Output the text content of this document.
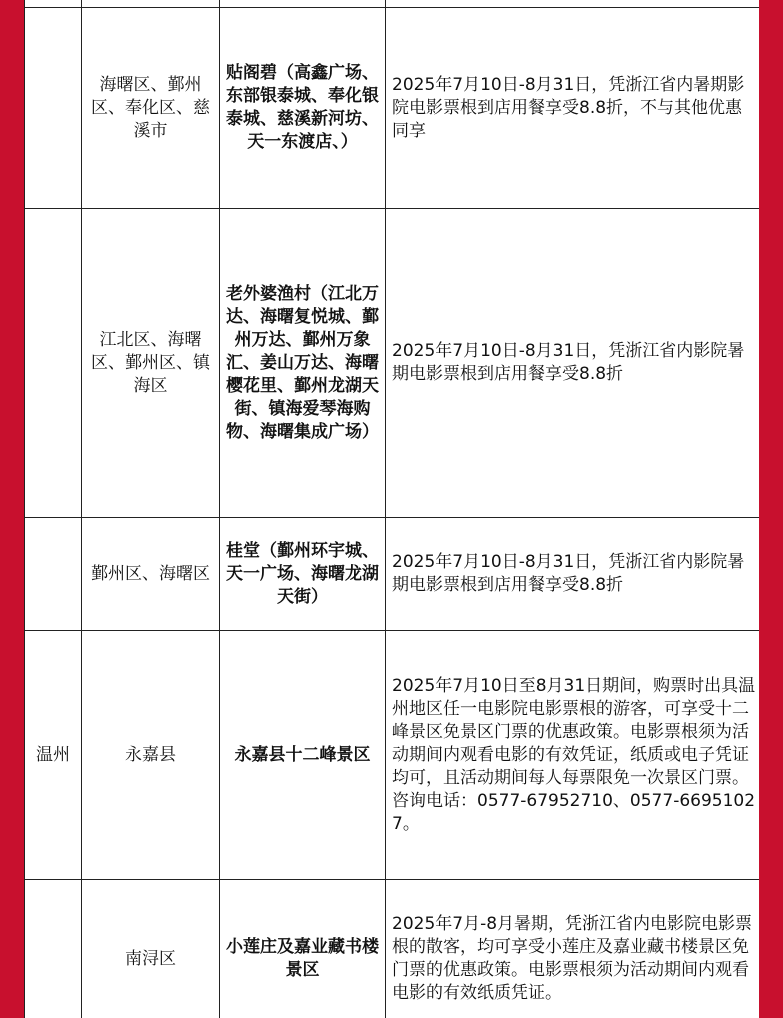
	海曙区、鄞州区、奉化区、慈溪市	贴阁碧（高鑫广场、东部银泰城、奉化银泰城、慈溪新河坊、天一东渡店、）	2025年7月10日-8月31日，凭浙江省内暑期影院电影票根到店用餐享受8.8折，不与其他优惠同享
	江北区、海曙区、鄞州区、镇海区	老外婆渔村（江北万达、海曙复悦城、鄞州万达、鄞州万象汇、姜山万达、海曙樱花里、鄞州龙湖天街、镇海爱琴海购物、海曙集成广场）	2025年7月10日-8月31日，凭浙江省内影院暑期电影票根到店用餐享受8.8折
	鄞州区、海曙区	桂堂（鄞州环宇城、天一广场、海曙龙湖天街）	2025年7月10日-8月31日，凭浙江省内影院暑期电影票根到店用餐享受8.8折
温州	永嘉县	永嘉县十二峰景区	2025年7月10日至8月31日期间，购票时出具温州地区任一电影院电影票根的游客，可享受十二峰景区免景区门票的优惠政策。电影票根须为活动期间内观看电影的有效凭证，纸质或电子凭证均可，且活动期间每人每票限免一次景区门票。咨询电话：0577-67952710、0577-66951027。
	南浔区	小莲庄及嘉业藏书楼景区	2025年7月-8月暑期，凭浙江省内电影院电影票根的散客，均可享受小莲庄及嘉业藏书楼景区免门票的优惠政策。电影票根须为活动期间内观看电影的有效纸质凭证。
